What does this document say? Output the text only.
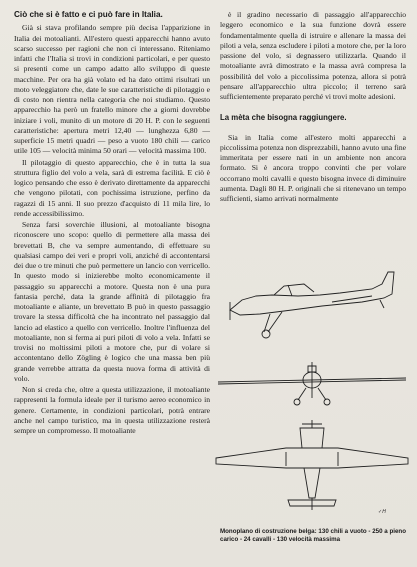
Ciò che si è fatto e ci può fare in Italia.

Già si stava profilando sempre più decisa l'apparizione in Italia dei motoalianti. All'estero questi apparecchi hanno avuto scarso successo per ragioni che non ci interessano. Riteniamo infatti che l'Italia si trovi in condizioni particolari, e per questo si presenti come un campo adatto allo sviluppo di queste macchine. Per ora ha già volato ed ha dato ottimi risultati un moto veleggiatore che, date le sue caratteristiche di pilotaggio e di costo non rientra nella categoria che noi studiamo. Questo apparecchio ha però un fratello minore che a giorni dovrebbe iniziare i voli, munito di un motore di 20 H. P. con le seguenti caratteristiche: apertura metri 12,40 — lunghezza 6,80 — superficie 15 metri quadri — peso a vuoto 180 chili — carico utile 105 — velocità minima 50 orari — velocità massima 100.

Il pilotaggio di questo apparecchio, che è in tutta la sua struttura figlio del volo a vela, sarà di estrema facilità. E ciò è logico pensando che esso è derivato direttamente da apparecchi che vengono pilotati, con pochissima istruzione, perfino da ragazzi di 15 anni. Il suo prezzo d'acquisto di 11 mila lire, lo rende accessibilissimo.

Senza farsi soverchie illusioni, al motoaliante bisogna riconoscere uno scopo: quello di permettere alla massa dei brevettati B, che va sempre aumentando, di effettuare su qualsiasi campo dei veri e propri voli, anziché di accontentarsi dei due o tre minuti che può permettere un lancio con verricello. In questo modo si inizierebbe molto economicamente il passaggio su apparecchi a motore. Questa non è una pura fantasia perché, data la grande affinità di pilotaggio fra motoaliante e aliante, un brevettato B può in questo passaggio trovare la stessa difficoltà che ha incontrato nel passaggio dal lancio ad elastico a quello con verricello. Inoltre l'influenza del motoaliante, non si ferma ai puri piloti di volo a vela. Infatti se trovisi no moltissimi piloti a motore che, pur di volare si accontentano dello Zögling è logico che una massa ben più grande verrebbe attratta da questa nuova forma di attività di volo.

Non si creda che, oltre a questa utilizzazione, il motoaliante rappresenti la formula ideale per il turismo aereo economico in genere. Certamente, in condizioni particolari, potrà entrare anche nel campo turistico, ma in questa utilizzazione resterà sempre un compromesso. Il motoaliante

è il gradino necessario di passaggio all'apparecchio leggero economico e la sua funzione dovrà essere fondamentalmente quella di istruire e allenare la massa dei piloti a vela, senza escludere i piloti a motore che, per la loro passione del volo, si degnassero utilizzarla. Quando il motoaliante avrà dimostrato e la massa avrà compresa la possibilità del volo a piccolissima potenza, allora si potrà pensare all'apparecchio ultra piccolo; il terreno sarà sufficientemente preparato perché vi trovi molte adesioni.

La mèta che bisogna raggiungere.

Sia in Italia come all'estero molti apparecchi a piccolissima potenza non disprezzabili, hanno avuto una fine immeritata per essere nati in un ambiente non ancora formato. Si è ancora troppo convinti che per volare occorrano molti cavalli e questo bisogna invece di diminuire aumenta. Dagli 80 H. P. originali che si ritenevano un tempo sufficienti, siamo arrivati normalmente

✓H
Monoplano di costruzione belga: 130 chili a vuoto - 250 a pieno carico - 24 cavalli - 130 velocità massima
